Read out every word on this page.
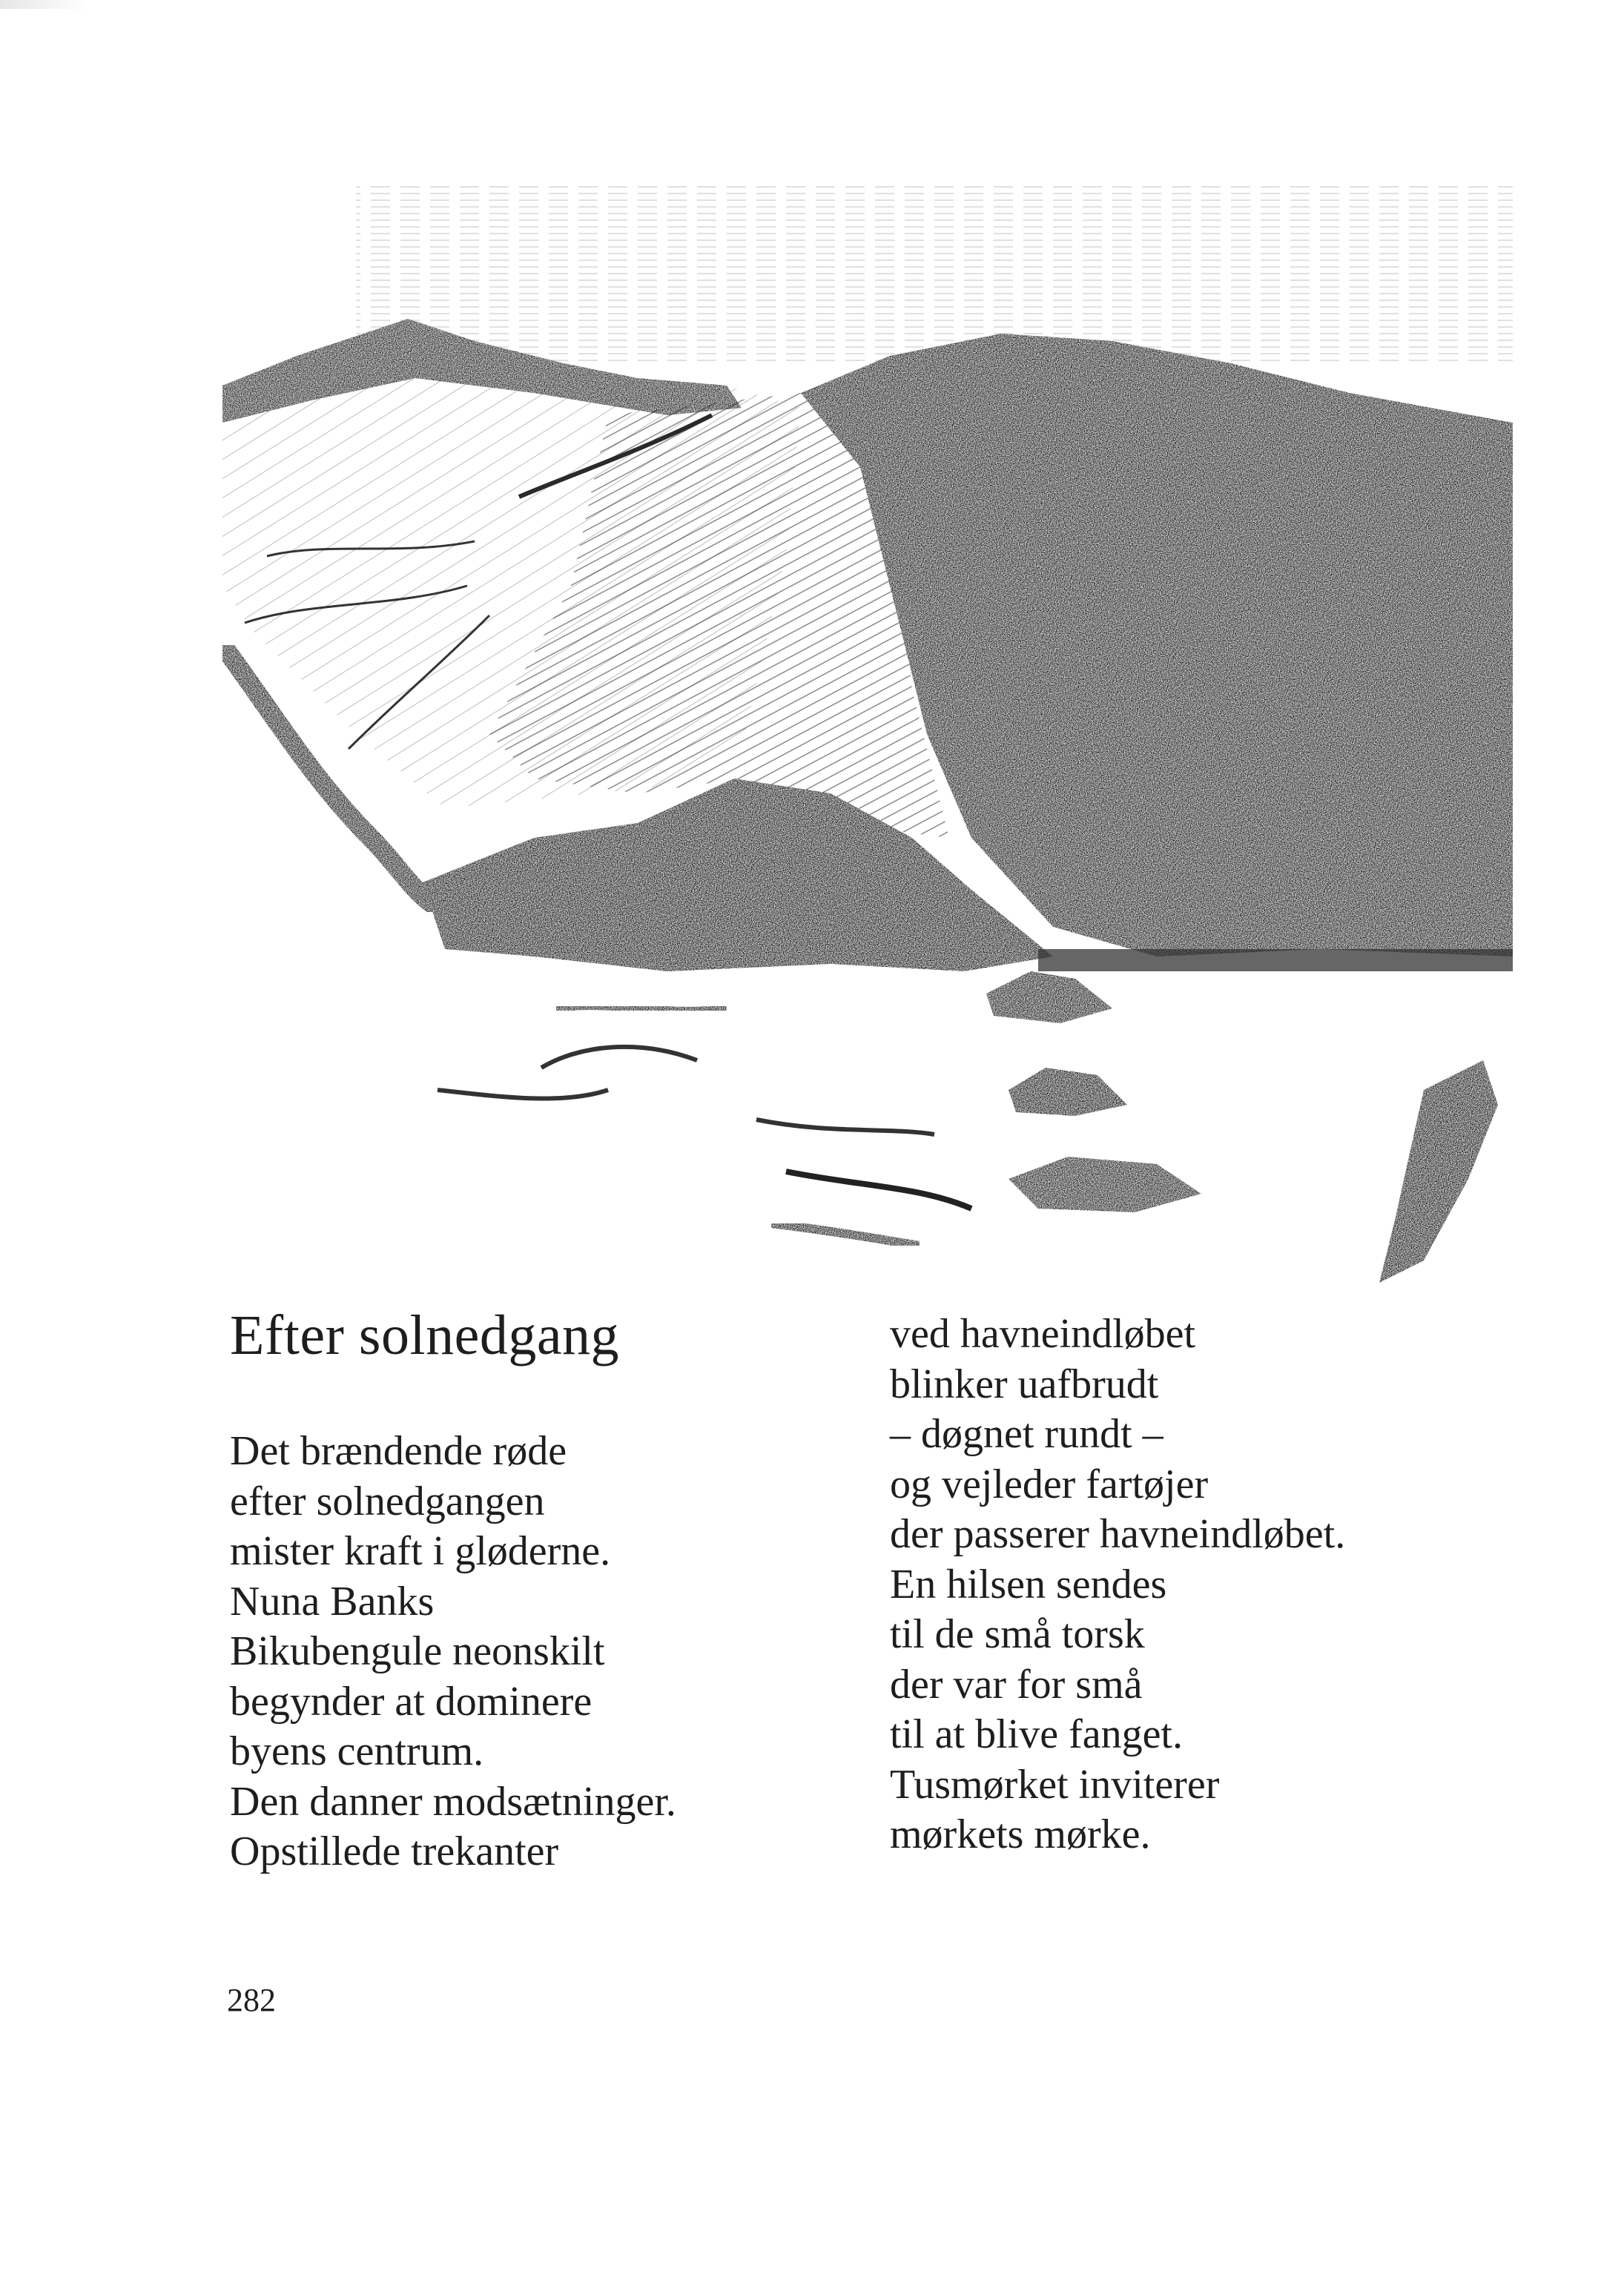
Efter solnedgang
Det brændende røde
efter solnedgangen
mister kraft i gløderne.
Nuna Banks
Bikubengule neonskilt
begynder at dominere
byens centrum.
Den danner modsætninger.
Opstillede trekanter
ved havneindløbet
blinker uafbrudt
– døgnet rundt –
og vejleder fartøjer
der passerer havneindløbet.
En hilsen sendes
til de små torsk
der var for små
til at blive fanget.
Tusmørket inviterer
mørkets mørke.
282
